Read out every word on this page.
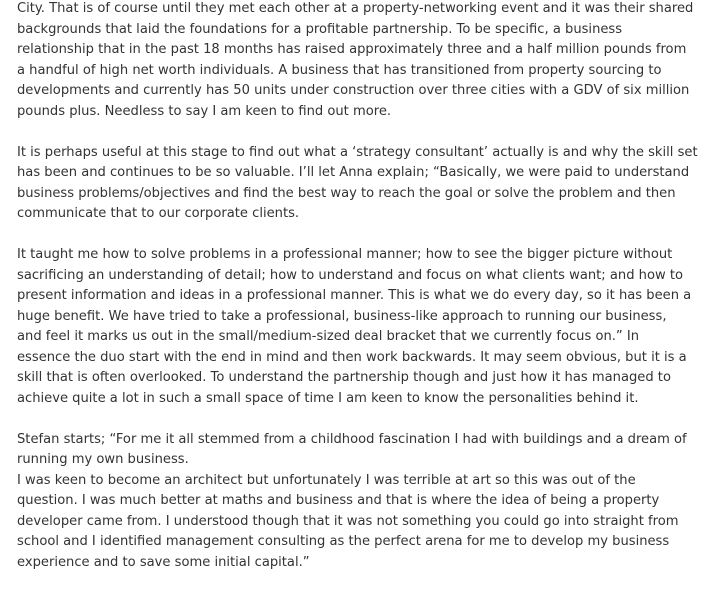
City. That is of course until they met each other at a property-networking event and it was their shared
backgrounds that laid the foundations for a profitable partnership. To be specific, a business
relationship that in the past 18 months has raised approximately three and a half million pounds from
a handful of high net worth individuals. A business that has transitioned from property sourcing to
developments and currently has 50 units under construction over three cities with a GDV of six million
pounds plus. Needless to say I am keen to find out more.

It is perhaps useful at this stage to find out what a ‘strategy consultant’ actually is and why the skill set
has been and continues to be so valuable. I’ll let Anna explain; “Basically, we were paid to understand
business problems/objectives and find the best way to reach the goal or solve the problem and then
communicate that to our corporate clients.

It taught me how to solve problems in a professional manner; how to see the bigger picture without
sacrificing an understanding of detail; how to understand and focus on what clients want; and how to
present information and ideas in a professional manner. This is what we do every day, so it has been a
huge benefit. We have tried to take a professional, business-like approach to running our business,
and feel it marks us out in the small/medium-sized deal bracket that we currently focus on.” In
essence the duo start with the end in mind and then work backwards. It may seem obvious, but it is a
skill that is often overlooked. To understand the partnership though and just how it has managed to
achieve quite a lot in such a small space of time I am keen to know the personalities behind it.

Stefan starts; “For me it all stemmed from a childhood fascination I had with buildings and a dream of
running my own business.
I was keen to become an architect but unfortunately I was terrible at art so this was out of the
question. I was much better at maths and business and that is where the idea of being a property
developer came from. I understood though that it was not something you could go into straight from
school and I identified management consulting as the perfect arena for me to develop my business
experience and to save some initial capital.”
